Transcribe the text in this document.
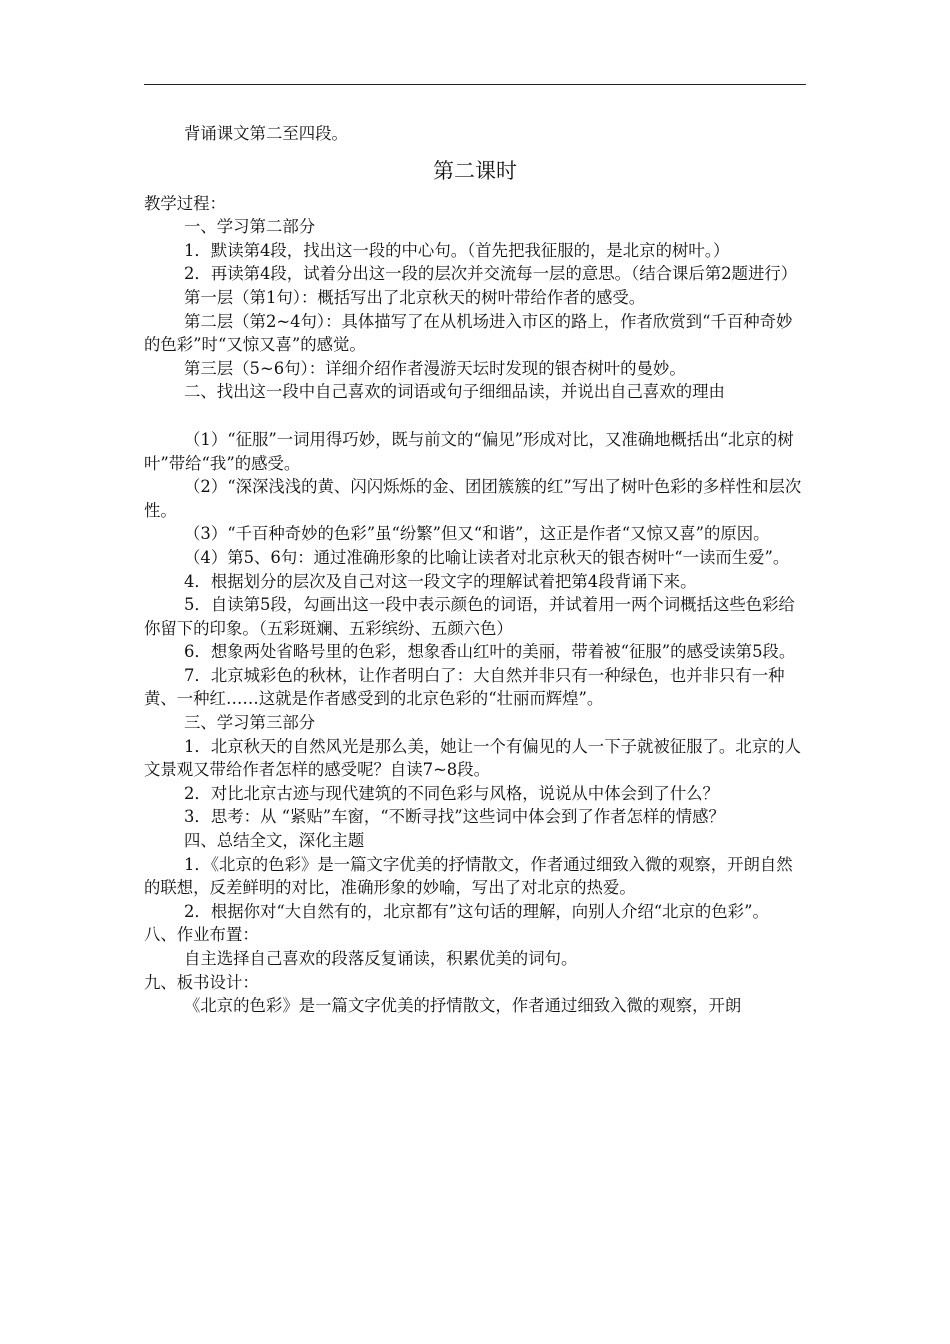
背诵课文第二至四段。

第二课时

教学过程：

一、学习第二部分

1．默读第4段，找出这一段的中心句。（首先把我征服的，是北京的树叶。）

2．再读第4段，试着分出这一段的层次并交流每一层的意思。（结合课后第2题进行）

第一层（第1句）：概括写出了北京秋天的树叶带给作者的感受。

第二层（第2~4句）：具体描写了在从机场进入市区的路上，作者欣赏到“千百种奇妙的色彩”时“又惊又喜”的感觉。

第三层（5~6句）：详细介绍作者漫游天坛时发现的银杏树叶的曼妙。

二、找出这一段中自己喜欢的词语或句子细细品读，并说出自己喜欢的理由

（1）“征服”一词用得巧妙，既与前文的“偏见”形成对比，又准确地概括出“北京的树叶”带给“我”的感受。

（2）“深深浅浅的黄、闪闪烁烁的金、团团簇簇的红”写出了树叶色彩的多样性和层次性。

（3）“千百种奇妙的色彩”虽“纷繁”但又“和谐”，这正是作者“又惊又喜”的原因。

（4）第5、6句：通过准确形象的比喻让读者对北京秋天的银杏树叶“一读而生爱”。

4．根据划分的层次及自己对这一段文字的理解试着把第4段背诵下来。

5．自读第5段，勾画出这一段中表示颜色的词语，并试着用一两个词概括这些色彩给你留下的印象。（五彩斑斓、五彩缤纷、五颜六色）

6．想象两处省略号里的色彩，想象香山红叶的美丽，带着被“征服”的感受读第5段。

7．北京城彩色的秋林，让作者明白了：大自然并非只有一种绿色，也并非只有一种黄、一种红……这就是作者感受到的北京色彩的“壮丽而辉煌”。

三、学习第三部分

1．北京秋天的自然风光是那么美，她让一个有偏见的人一下子就被征服了。北京的人文景观又带给作者怎样的感受呢？自读7~8段。

2．对比北京古迹与现代建筑的不同色彩与风格，说说从中体会到了什么？

3．思考：从 “紧贴”车窗，“不断寻找”这些词中体会到了作者怎样的情感？

四、总结全文，深化主题

1．《北京的色彩》是一篇文字优美的抒情散文，作者通过细致入微的观察，开朗自然的联想，反差鲜明的对比，准确形象的妙喻，写出了对北京的热爱。

2．根据你对“大自然有的，北京都有”这句话的理解，向别人介绍“北京的色彩”。

八、作业布置：

自主选择自己喜欢的段落反复诵读，积累优美的词句。

九、板书设计：

《北京的色彩》是一篇文字优美的抒情散文，作者通过细致入微的观察，开朗
